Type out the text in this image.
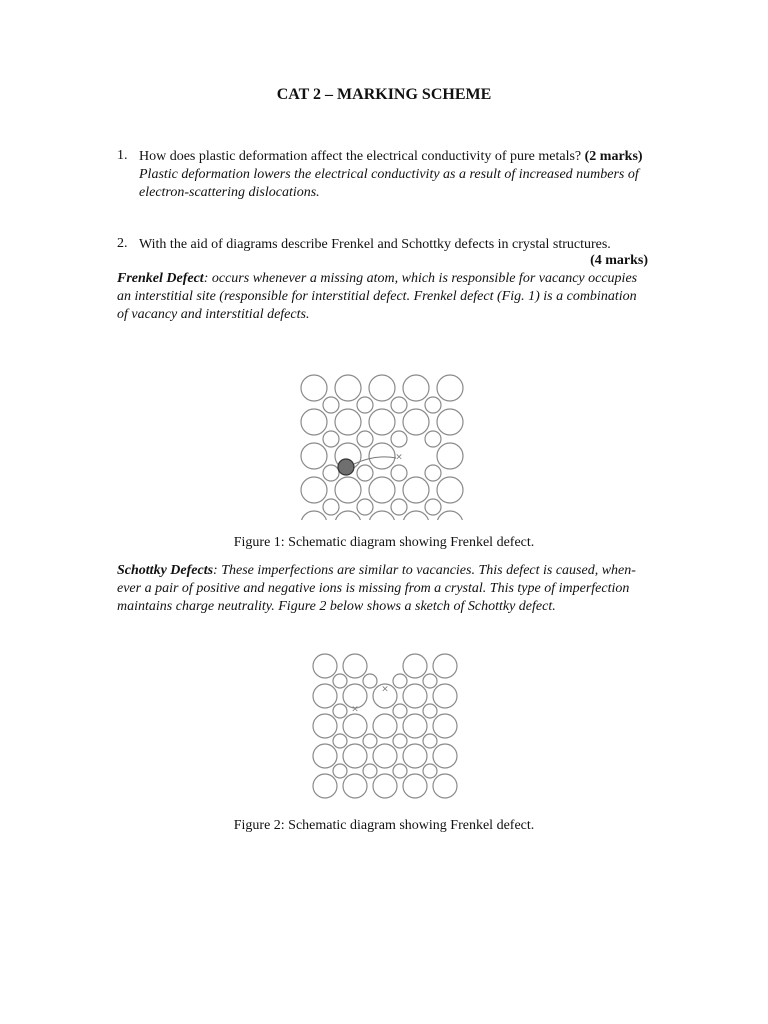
CAT 2 – MARKING SCHEME
1. How does plastic deformation affect the electrical conductivity of pure metals? (2 marks)
Plastic deformation lowers the electrical conductivity as a result of increased numbers of
electron-scattering dislocations.
2. With the aid of diagrams describe Frenkel and Schottky defects in crystal structures.
(4 marks)
Frenkel Defect: occurs whenever a missing atom, which is responsible for vacancy occupies
an interstitial site (responsible for interstitial defect. Frenkel defect (Fig. 1) is a combination
of vacancy and interstitial defects.
×
Figure 1: Schematic diagram showing Frenkel defect.
Schottky Defects: These imperfections are similar to vacancies. This defect is caused, when-
ever a pair of positive and negative ions is missing from a crystal. This type of imperfection
maintains charge neutrality. Figure 2 below shows a sketch of Schottky defect.
×
×
Figure 2: Schematic diagram showing Frenkel defect.
